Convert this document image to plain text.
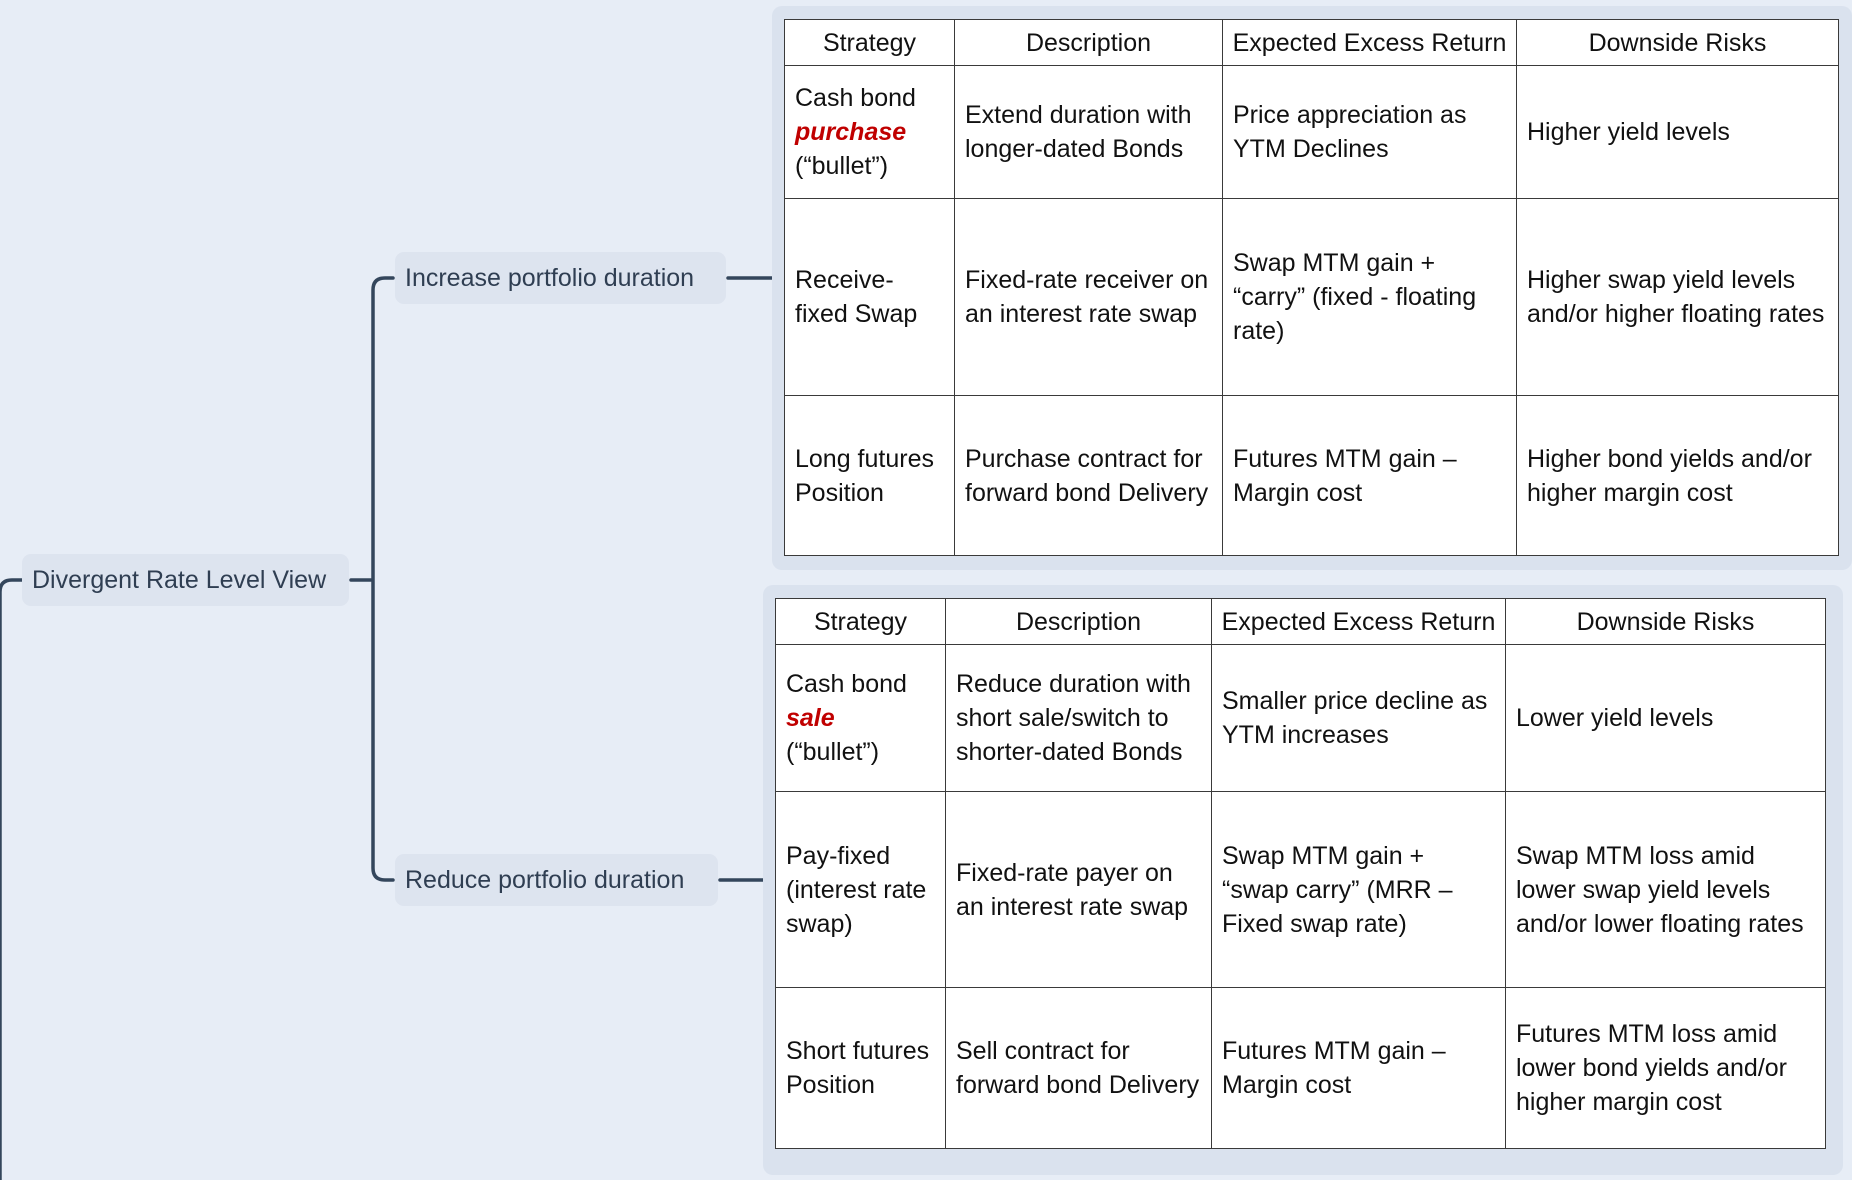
Divergent Rate Level View
Increase portfolio duration
Reduce portfolio duration
Strategy	Description	Expected Excess Return	Downside Risks
Cash bond
purchase
(“bullet”)	Extend duration with longer-dated Bonds	Price appreciation as YTM Declines	Higher yield levels
Receive-fixed Swap	Fixed-rate receiver on an interest rate swap	Swap MTM gain + “carry” (fixed - floating rate)	Higher swap yield levels and/or higher floating rates
Long futures Position	Purchase contract for forward bond Delivery	Futures MTM gain – Margin cost	Higher bond yields and/or higher margin cost
Strategy	Description	Expected Excess Return	Downside Risks
Cash bond
sale
(“bullet”)	Reduce duration with short sale/switch to shorter-dated Bonds	Smaller price decline as YTM increases	Lower yield levels
Pay-fixed (interest rate swap)	Fixed-rate payer on an interest rate swap	Swap MTM gain + “swap carry” (MRR – Fixed swap rate)	Swap MTM loss amid lower swap yield levels and/or lower floating rates
Short futures Position	Sell contract for forward bond Delivery	Futures MTM gain – Margin cost	Futures MTM loss amid lower bond yields and/or higher margin cost
